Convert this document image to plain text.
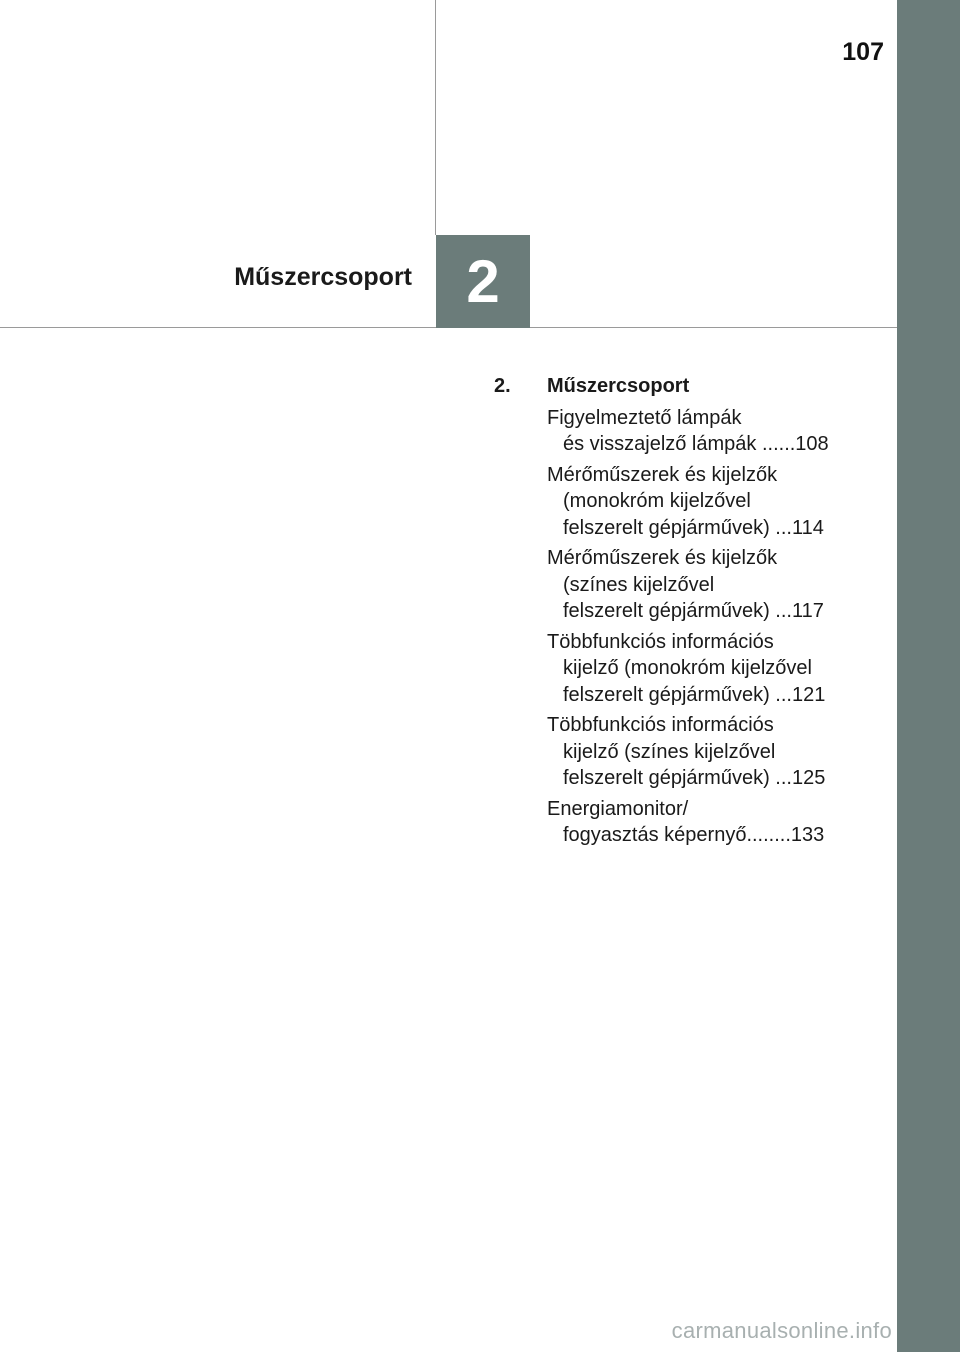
107
Műszercsoport 2
2.	Műszercsoport
Figyelmeztető lámpák
és visszajelző lámpák ......108
Mérőműszerek és kijelzők
(monokróm kijelzővel
felszerelt gépjárművek) ...114
Mérőműszerek és kijelzők
(színes kijelzővel
felszerelt gépjárművek) ...117
Többfunkciós információs
kijelző (monokróm kijelzővel
felszerelt gépjárművek) ...121
Többfunkciós információs
kijelző (színes kijelzővel
felszerelt gépjárművek) ...125
Energiamonitor/
fogyasztás képernyő........133
carmanualsonline.info
